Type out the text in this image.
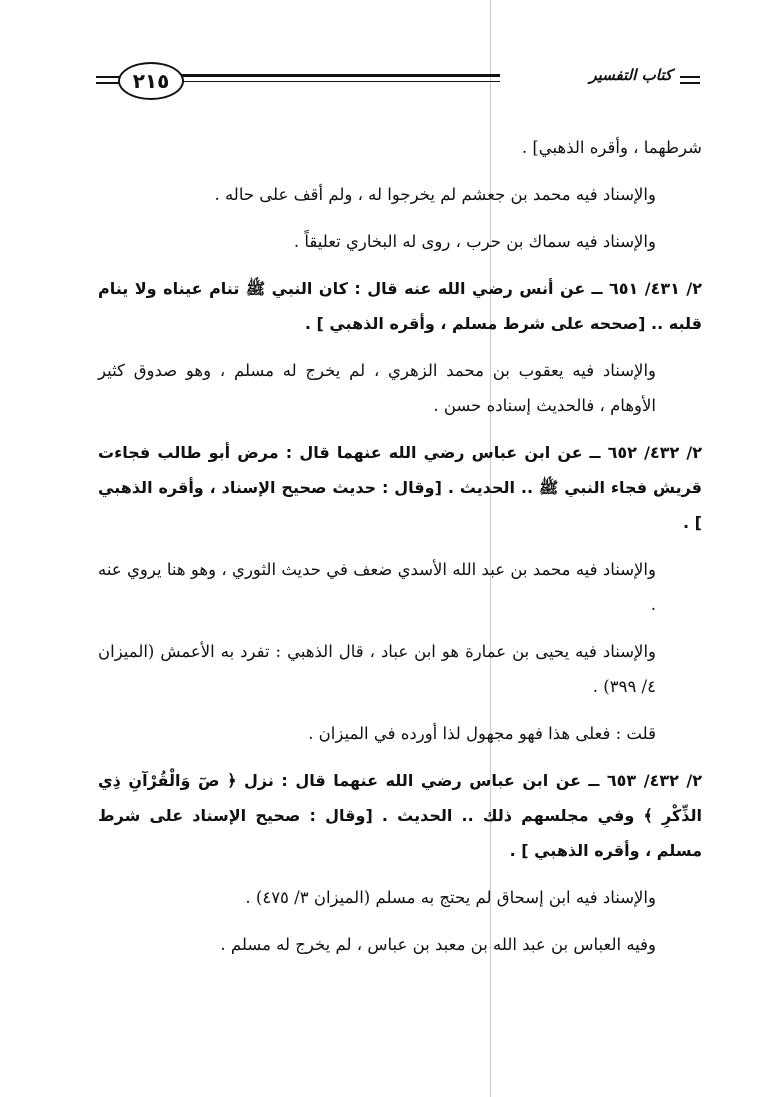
٢١٥	كتاب التفسير

شرطهما ، وأقره الذهبي] .

والإسناد فيه محمد بن جعشم لم يخرجوا له ، ولم أقف على حاله .

والإسناد فيه سماك بن حرب ، روى له البخاري تعليقاً .

٢/ ٤٣١/ ٦٥١ ــ عن أنس رضي الله عنه قال : كان النبي ﷺ تنام عيناه ولا ينام قلبه .. [صححه على شرط مسلم ، وأقره الذهبي ] .

والإسناد فيه يعقوب بن محمد الزهري ، لم يخرج له مسلم ، وهو صدوق كثير الأوهام ، فالحديث إسناده حسن .

٢/ ٤٣٢/ ٦٥٢ ــ عن ابن عباس رضي الله عنهما قال : مرض أبو طالب فجاءت قريش فجاء النبي ﷺ .. الحديث . [وقال : حديث صحيح الإسناد ، وأقره الذهبي ] .

والإسناد فيه محمد بن عبد الله الأسدي ضعف في حديث الثوري ، وهو هنا يروي عنه .

والإسناد فيه يحيى بن عمارة هو ابن عباد ، قال الذهبي : تفرد به الأعمش (الميزان ٤/ ٣٩٩) .

قلت : فعلى هذا فهو مجهول لذا أورده في الميزان .

٢/ ٤٣٢/ ٦٥٣ ــ عن ابن عباس رضي الله عنهما قال : نزل ﴿ صٓ وَالْقُرْآنِ ذِي الذِّكْرِ ﴾ وفي مجلسهم ذلك .. الحديث . [وقال : صحيح الإسناد على شرط مسلم ، وأقره الذهبي ] .

والإسناد فيه ابن إسحاق لم يحتج به مسلم (الميزان ٣/ ٤٧٥) .

وفيه العباس بن عبد الله بن معبد بن عباس ، لم يخرج له مسلم .
